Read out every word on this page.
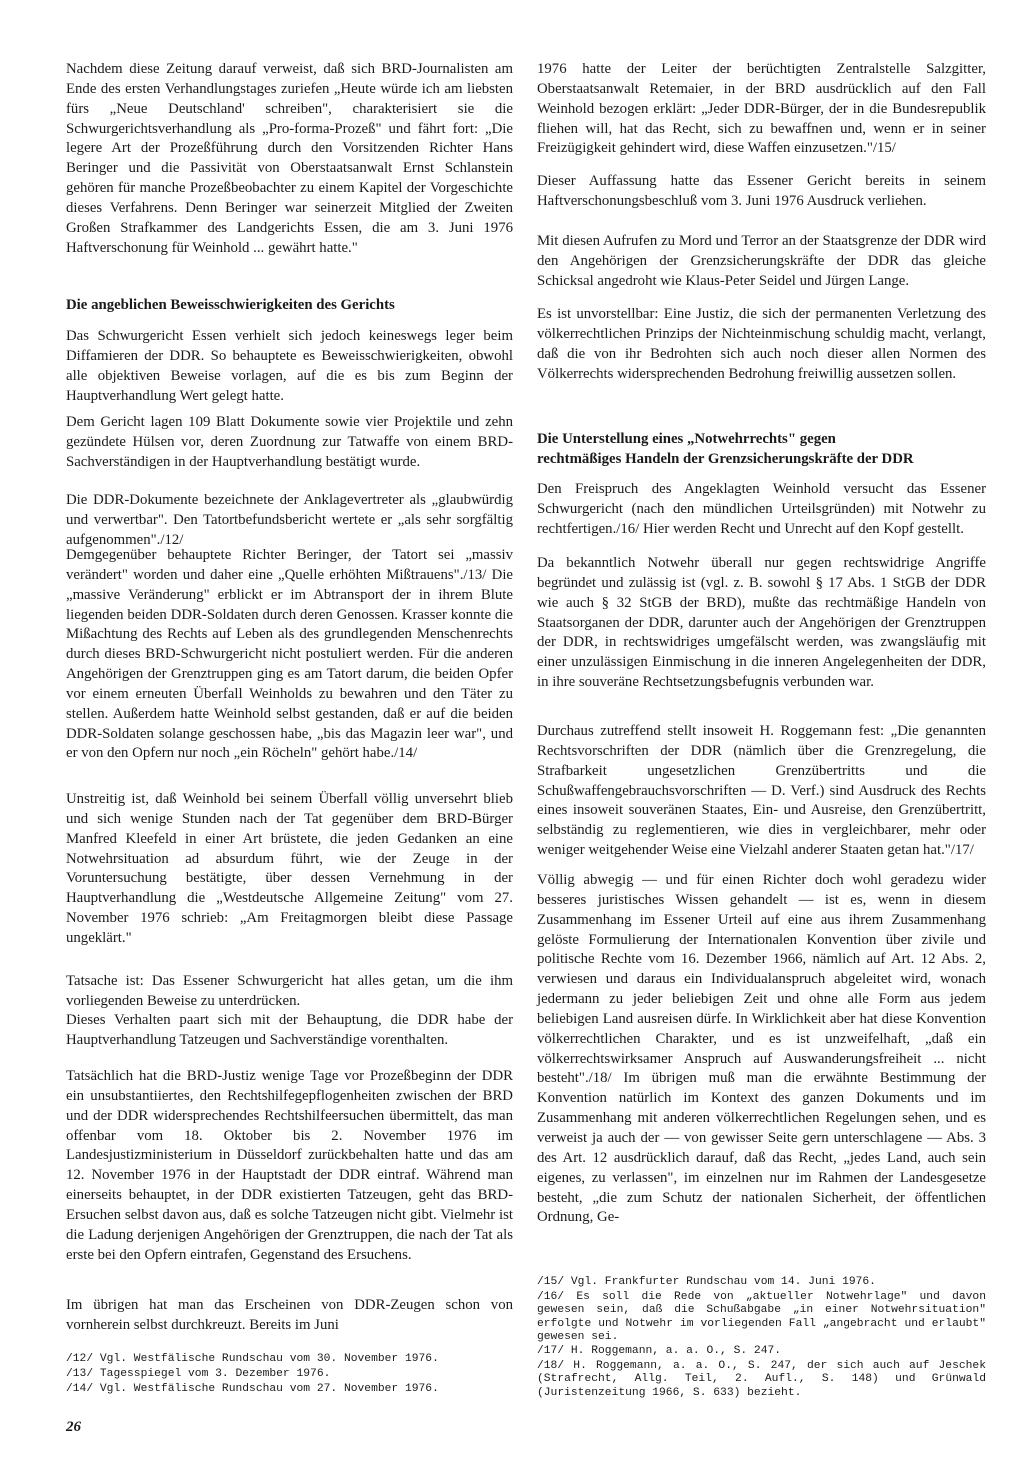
Nachdem diese Zeitung darauf verweist, daß sich BRD-Journalisten am Ende des ersten Verhandlungstages zuriefen „Heute würde ich am liebsten fürs „Neue Deutschland' schreiben", charakterisiert sie die Schwurgerichtsverhandlung als „Pro-forma-Prozeß" und fährt fort: „Die legere Art der Prozeßführung durch den Vorsitzenden Richter Hans Beringer und die Passivität von Oberstaatsanwalt Ernst Schlanstein gehören für manche Prozeßbeobachter zu einem Kapitel der Vorgeschichte dieses Verfahrens. Denn Beringer war seinerzeit Mitglied der Zweiten Großen Strafkammer des Landgerichts Essen, die am 3. Juni 1976 Haftverschonung für Weinhold ... gewährt hatte."

Die angeblichen Beweisschwierigkeiten des Gerichts

Das Schwurgericht Essen verhielt sich jedoch keineswegs leger beim Diffamieren der DDR. So behauptete es Beweisschwierigkeiten, obwohl alle objektiven Beweise vorlagen, auf die es bis zum Beginn der Hauptverhandlung Wert gelegt hatte.

Dem Gericht lagen 109 Blatt Dokumente sowie vier Projektile und zehn gezündete Hülsen vor, deren Zuordnung zur Tatwaffe von einem BRD-Sachverständigen in der Hauptverhandlung bestätigt wurde.

Die DDR-Dokumente bezeichnete der Anklagevertreter als „glaubwürdig und verwertbar". Den Tatortbefundsbericht wertete er „als sehr sorgfältig aufgenommen"./12/

Demgegenüber behauptete Richter Beringer, der Tatort sei „massiv verändert" worden und daher eine „Quelle erhöhten Mißtrauens"./13/ Die „massive Veränderung" erblickt er im Abtransport der in ihrem Blute liegenden beiden DDR-Soldaten durch deren Genossen. Krasser konnte die Mißachtung des Rechts auf Leben als des grundlegenden Menschenrechts durch dieses BRD-Schwurgericht nicht postuliert werden. Für die anderen Angehörigen der Grenztruppen ging es am Tatort darum, die beiden Opfer vor einem erneuten Überfall Weinholds zu bewahren und den Täter zu stellen. Außerdem hatte Weinhold selbst gestanden, daß er auf die beiden DDR-Soldaten solange geschossen habe, „bis das Magazin leer war", und er von den Opfern nur noch „ein Röcheln" gehört habe./14/

Unstreitig ist, daß Weinhold bei seinem Überfall völlig unversehrt blieb und sich wenige Stunden nach der Tat gegenüber dem BRD-Bürger Manfred Kleefeld in einer Art brüstete, die jeden Gedanken an eine Notwehrsituation ad absurdum führt, wie der Zeuge in der Voruntersuchung bestätigte, über dessen Vernehmung in der Hauptverhandlung die „Westdeutsche Allgemeine Zeitung" vom 27. November 1976 schrieb: „Am Freitagmorgen bleibt diese Passage ungeklärt."

Tatsache ist: Das Essener Schwurgericht hat alles getan, um die ihm vorliegenden Beweise zu unterdrücken.

Dieses Verhalten paart sich mit der Behauptung, die DDR habe der Hauptverhandlung Tatzeugen und Sachverständige vorenthalten.

Tatsächlich hat die BRD-Justiz wenige Tage vor Prozeßbeginn der DDR ein unsubstantiiertes, den Rechtshilfegepflogenheiten zwischen der BRD und der DDR widersprechendes Rechtshilfeersuchen übermittelt, das man offenbar vom 18. Oktober bis 2. November 1976 im Landesjustizministerium in Düsseldorf zurückbehalten hatte und das am 12. November 1976 in der Hauptstadt der DDR eintraf. Während man einerseits behauptet, in der DDR existierten Tatzeugen, geht das BRD-Ersuchen selbst davon aus, daß es solche Tatzeugen nicht gibt. Vielmehr ist die Ladung derjenigen Angehörigen der Grenztruppen, die nach der Tat als erste bei den Opfern eintrafen, Gegenstand des Ersuchens.

Im übrigen hat man das Erscheinen von DDR-Zeugen schon von vornherein selbst durchkreuzt. Bereits im Juni

/12/ Vgl. Westfälische Rundschau vom 30. November 1976.

/13/ Tagesspiegel vom 3. Dezember 1976.

/14/ Vgl. Westfälische Rundschau vom 27. November 1976.

1976 hatte der Leiter der berüchtigten Zentralstelle Salzgitter, Oberstaatsanwalt Retemaier, in der BRD ausdrücklich auf den Fall Weinhold bezogen erklärt: „Jeder DDR-Bürger, der in die Bundesrepublik fliehen will, hat das Recht, sich zu bewaffnen und, wenn er in seiner Freizügigkeit gehindert wird, diese Waffen einzusetzen."/15/

Dieser Auffassung hatte das Essener Gericht bereits in seinem Haftverschonungsbeschluß vom 3. Juni 1976 Ausdruck verliehen.

Mit diesen Aufrufen zu Mord und Terror an der Staatsgrenze der DDR wird den Angehörigen der Grenzsicherungskräfte der DDR das gleiche Schicksal angedroht wie Klaus-Peter Seidel und Jürgen Lange.

Es ist unvorstellbar: Eine Justiz, die sich der permanenten Verletzung des völkerrechtlichen Prinzips der Nichteinmischung schuldig macht, verlangt, daß die von ihr Bedrohten sich auch noch dieser allen Normen des Völkerrechts widersprechenden Bedrohung freiwillig aussetzen sollen.

Die Unterstellung eines „Notwehrrechts" gegen
rechtmäßiges Handeln der Grenzsicherungskräfte der DDR

Den Freispruch des Angeklagten Weinhold versucht das Essener Schwurgericht (nach den mündlichen Urteilsgründen) mit Notwehr zu rechtfertigen./16/ Hier werden Recht und Unrecht auf den Kopf gestellt.

Da bekanntlich Notwehr überall nur gegen rechtswidrige Angriffe begründet und zulässig ist (vgl. z. B. sowohl § 17 Abs. 1 StGB der DDR wie auch § 32 StGB der BRD), mußte das rechtmäßige Handeln von Staatsorganen der DDR, darunter auch der Angehörigen der Grenztruppen der DDR, in rechtswidriges umgefälscht werden, was zwangsläufig mit einer unzulässigen Einmischung in die inneren Angelegenheiten der DDR, in ihre souveräne Rechtsetzungsbefugnis verbunden war.

Durchaus zutreffend stellt insoweit H. Roggemann fest: „Die genannten Rechtsvorschriften der DDR (nämlich über die Grenzregelung, die Strafbarkeit ungesetzlichen Grenzübertritts und die Schußwaffengebrauchsvorschriften — D. Verf.) sind Ausdruck des Rechts eines insoweit souveränen Staates, Ein- und Ausreise, den Grenzübertritt, selbständig zu reglementieren, wie dies in vergleichbarer, mehr oder weniger weitgehender Weise eine Vielzahl anderer Staaten getan hat."/17/

Völlig abwegig — und für einen Richter doch wohl geradezu wider besseres juristisches Wissen gehandelt — ist es, wenn in diesem Zusammenhang im Essener Urteil auf eine aus ihrem Zusammenhang gelöste Formulierung der Internationalen Konvention über zivile und politische Rechte vom 16. Dezember 1966, nämlich auf Art. 12 Abs. 2, verwiesen und daraus ein Individualanspruch abgeleitet wird, wonach jedermann zu jeder beliebigen Zeit und ohne alle Form aus jedem beliebigen Land ausreisen dürfe. In Wirklichkeit aber hat diese Konvention völkerrechtlichen Charakter, und es ist unzweifelhaft, „daß ein völkerrechtswirksamer Anspruch auf Auswanderungsfreiheit ... nicht besteht"./18/ Im übrigen muß man die erwähnte Bestimmung der Konvention natürlich im Kontext des ganzen Dokuments und im Zusammenhang mit anderen völkerrechtlichen Regelungen sehen, und es verweist ja auch der — von gewisser Seite gern unterschlagene — Abs. 3 des Art. 12 ausdrücklich darauf, daß das Recht, „jedes Land, auch sein eigenes, zu verlassen", im einzelnen nur im Rahmen der Landesgesetze besteht, „die zum Schutz der nationalen Sicherheit, der öffentlichen Ordnung, Ge-

/15/ Vgl. Frankfurter Rundschau vom 14. Juni 1976.

/16/ Es soll die Rede von „aktueller Notwehrlage" und davon gewesen sein, daß die Schußabgabe „in einer Notwehrsituation" erfolgte und Notwehr im vorliegenden Fall „angebracht und erlaubt" gewesen sei.

/17/ H. Roggemann, a. a. O., S. 247.

/18/ H. Roggemann, a. a. O., S. 247, der sich auch auf Jeschek (Strafrecht, Allg. Teil, 2. Aufl., S. 148) und Grünwald (Juristenzeitung 1966, S. 633) bezieht.

26
